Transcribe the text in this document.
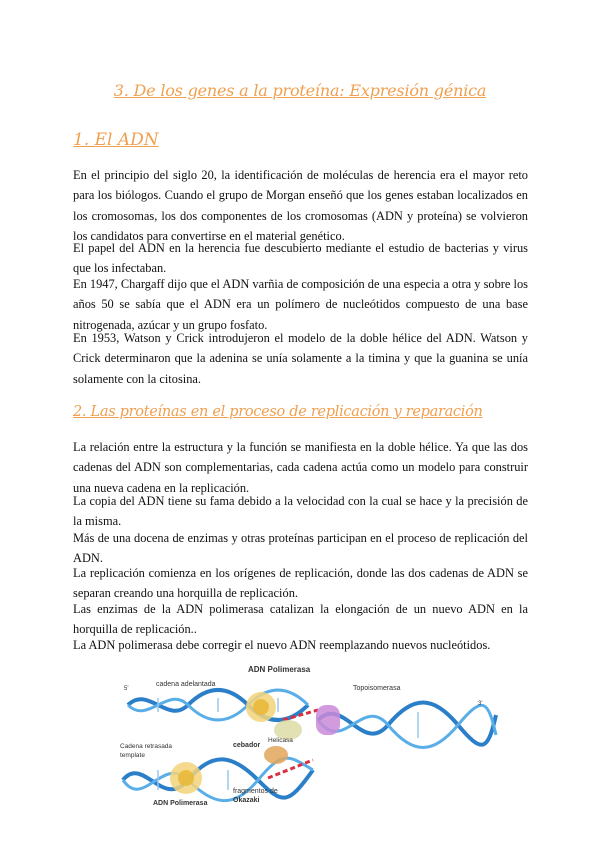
3. De los genes a la proteína: Expresión génica
1. El ADN

En el principio del siglo 20, la identificación de moléculas de herencia era el mayor reto para los biólogos. Cuando el grupo de Morgan enseñó que los genes estaban localizados en los cromosomas, los dos componentes de los cromosomas (ADN y proteína) se volvieron los candidatos para convertirse en el material genético.

El papel del ADN en la herencia fue descubierto mediante el estudio de bacterias y virus que los infectaban.

En 1947, Chargaff dijo que el ADN varñia de composición de una especia a otra y sobre los años 50 se sabía que el ADN era un polímero de nucleótidos compuesto de una base nitrogenada, azúcar y un grupo fosfato.

En 1953, Watson y Crick introdujeron el modelo de la doble hélice del ADN. Watson y Crick determinaron que la adenina se unía solamente a la timina y que la guanina se unía solamente con la citosina.

2. Las proteínas en el proceso de replicación y reparación

La relación entre la estructura y la función se manifiesta en la doble hélice. Ya que las dos cadenas del ADN son complementarias, cada cadena actúa como un modelo para construir una nueva cadena en la replicación.

La copia del ADN tiene su fama debido a la velocidad con la cual se hace y la precisión de la misma.

Más de una docena de enzimas y otras proteínas participan en el proceso de replicación del ADN.

La replicación comienza en los orígenes de replicación, donde las dos cadenas de ADN se separan creando una horquilla de replicación.

Las enzimas de la ADN polimerasa catalizan la elongación de un nuevo ADN en la horquilla de replicación..

La ADN polimerasa debe corregir el nuevo ADN reemplazando nuevos nucleótidos.

ADN Polimerasa
cadena adelantada
Helicasa
Topoisomerasa
Cadena retrasada
template
cebador
ADN Polimerasa
fragmentos de
Okazaki
5'
3'
